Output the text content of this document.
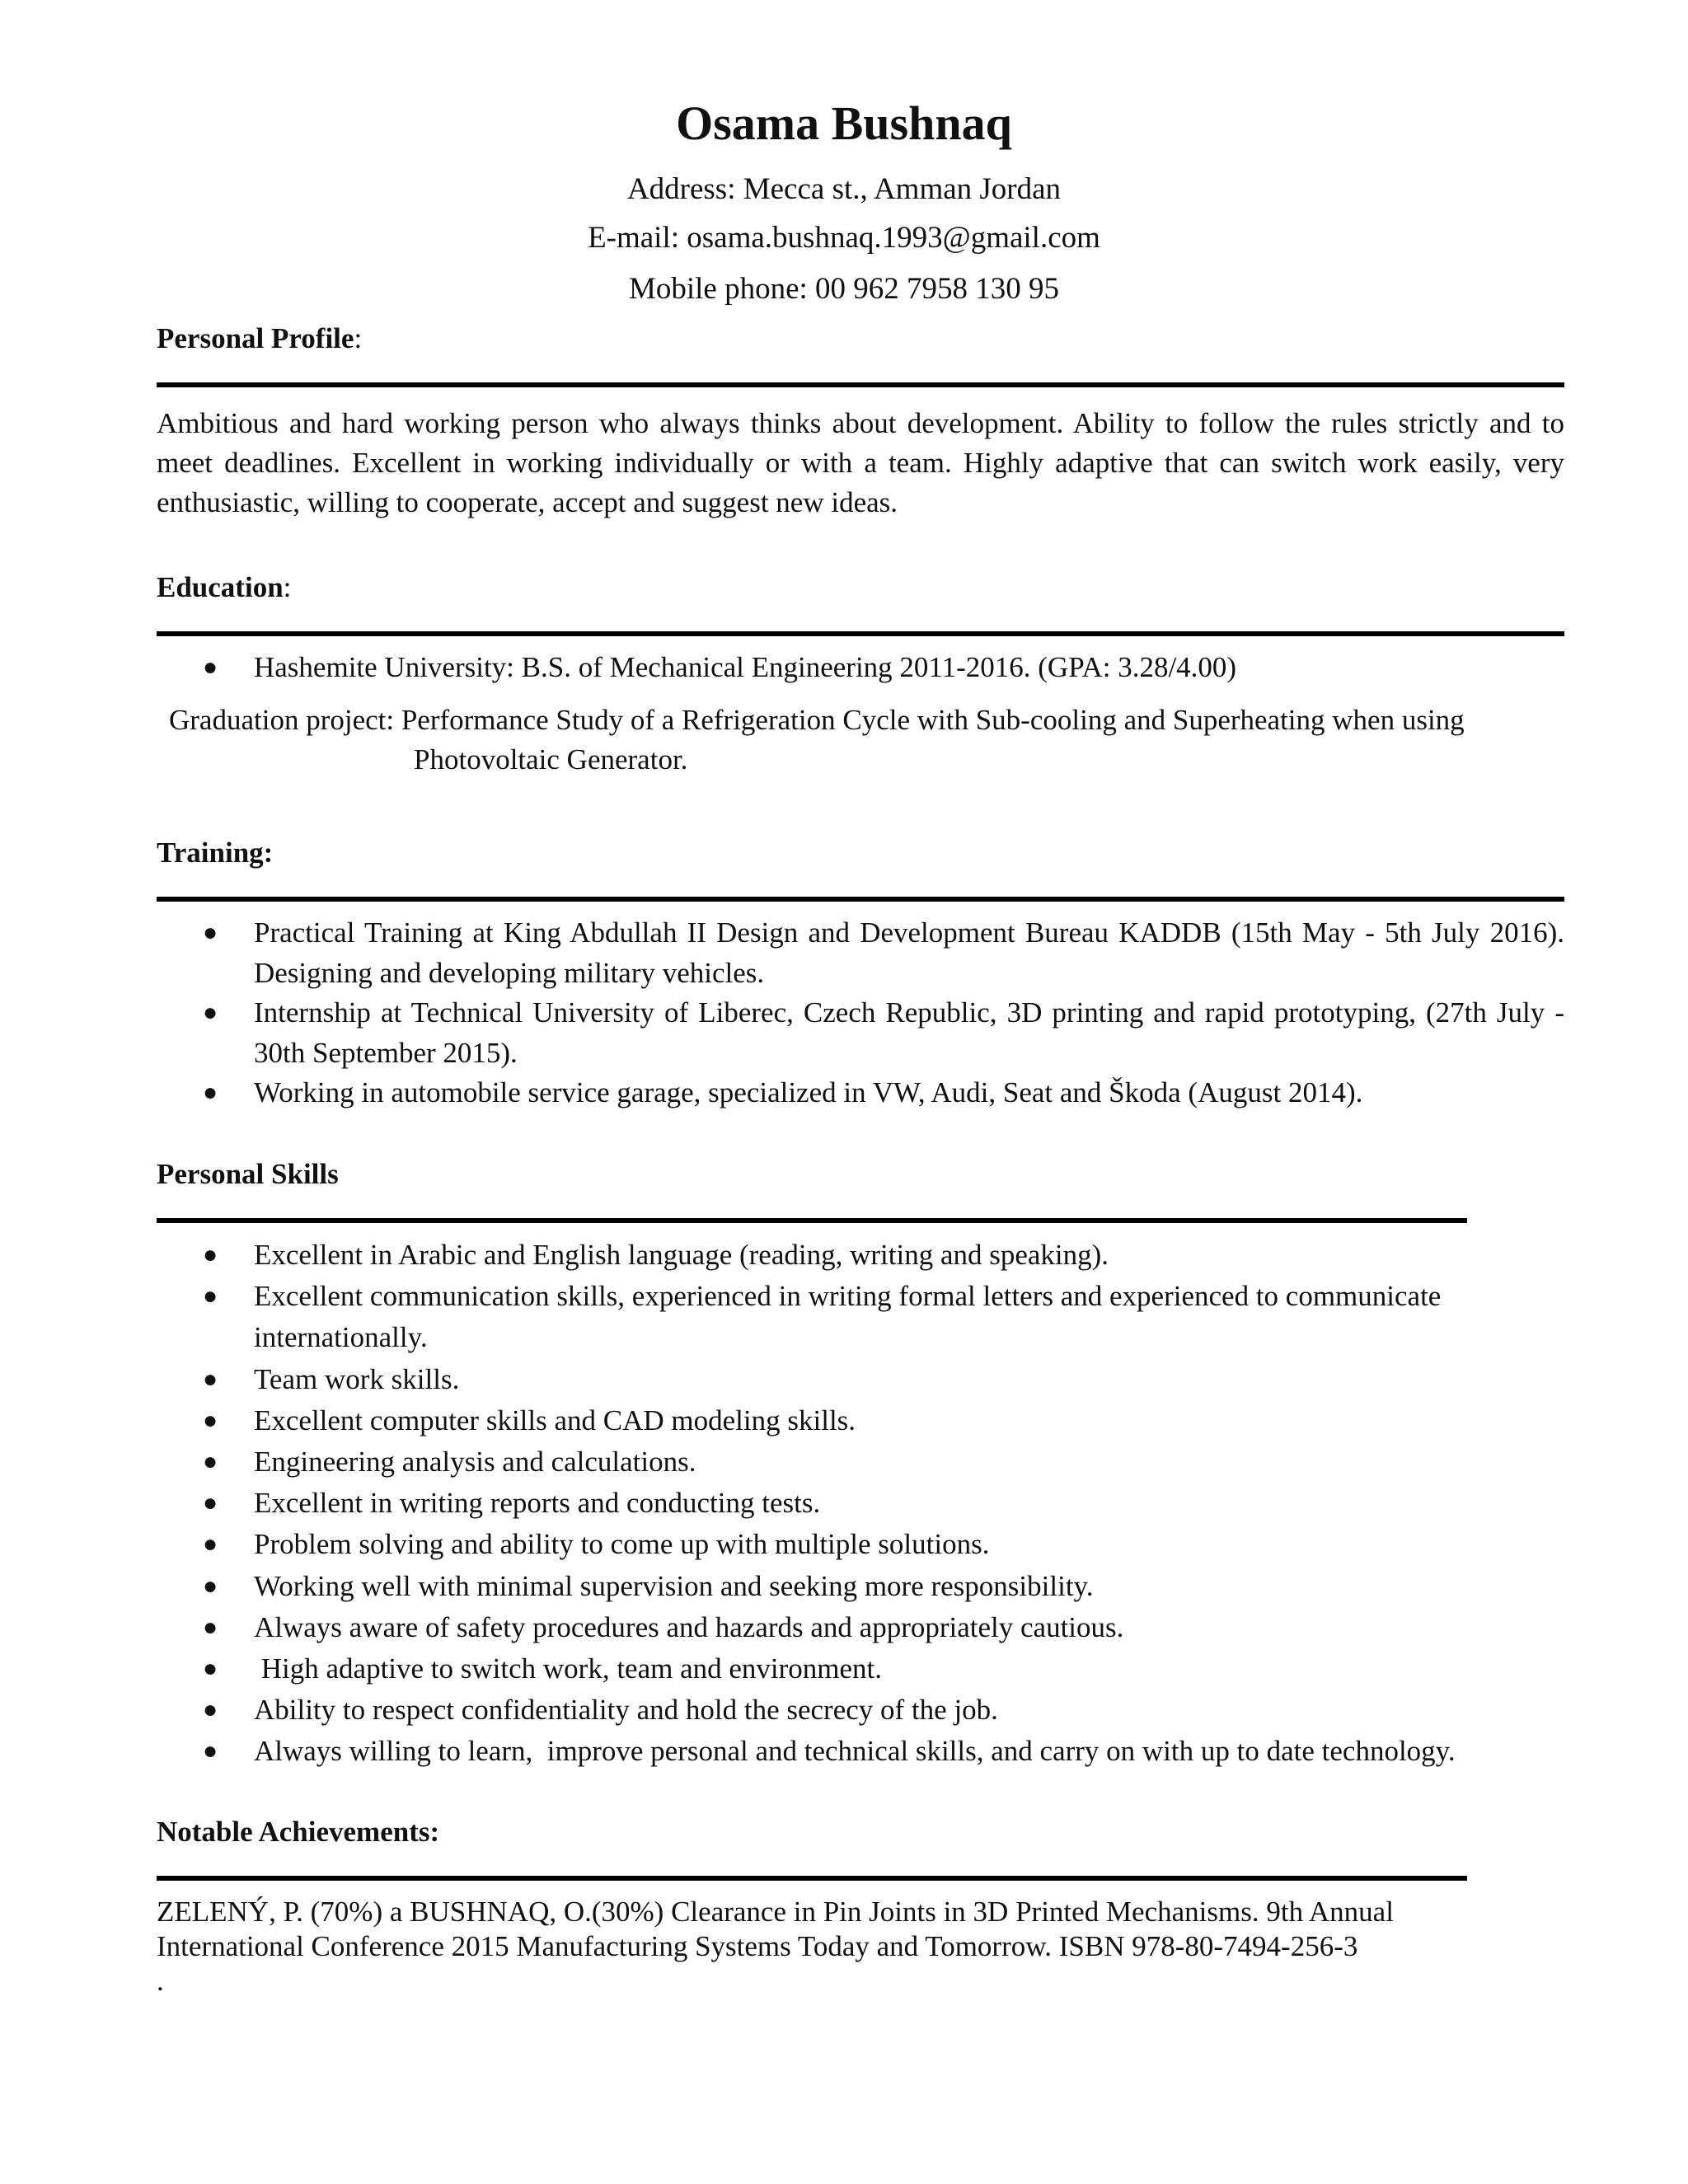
Osama Bushnaq
Address: Mecca st., Amman Jordan
E-mail: osama.bushnaq.1993@gmail.com
Mobile phone: 00 962 7958 130 95
Personal Profile:
Ambitious and hard working person who always thinks about development. Ability to follow the rules strictly and to
meet deadlines. Excellent in working individually or with a team. Highly adaptive that can switch work easily, very
enthusiastic, willing to cooperate, accept and suggest new ideas.
Education:
● Hashemite University: B.S. of Mechanical Engineering 2011-2016. (GPA: 3.28/4.00)
Graduation project: Performance Study of a Refrigeration Cycle with Sub-cooling and Superheating when using
Photovoltaic Generator.
Training:
● Practical Training at King Abdullah II Design and Development Bureau KADDB (15th May - 5th July 2016). Designing and developing military vehicles.
● Internship at Technical University of Liberec, Czech Republic, 3D printing and rapid prototyping, (27th July - 30th September 2015).
● Working in automobile service garage, specialized in VW, Audi, Seat and Škoda (August 2014).
Personal Skills
● Excellent in Arabic and English language (reading, writing and speaking).
● Excellent communication skills, experienced in writing formal letters and experienced to communicate internationally.
● Team work skills.
● Excellent computer skills and CAD modeling skills.
● Engineering analysis and calculations.
● Excellent in writing reports and conducting tests.
● Problem solving and ability to come up with multiple solutions.
● Working well with minimal supervision and seeking more responsibility.
● Always aware of safety procedures and hazards and appropriately cautious.
● High adaptive to switch work, team and environment.
● Ability to respect confidentiality and hold the secrecy of the job.
● Always willing to learn,  improve personal and technical skills, and carry on with up to date technology.
Notable Achievements:
ZELENÝ, P. (70%) a BUSHNAQ, O.(30%) Clearance in Pin Joints in 3D Printed Mechanisms. 9th Annual
International Conference 2015 Manufacturing Systems Today and Tomorrow. ISBN 978-80-7494-256-3
.
